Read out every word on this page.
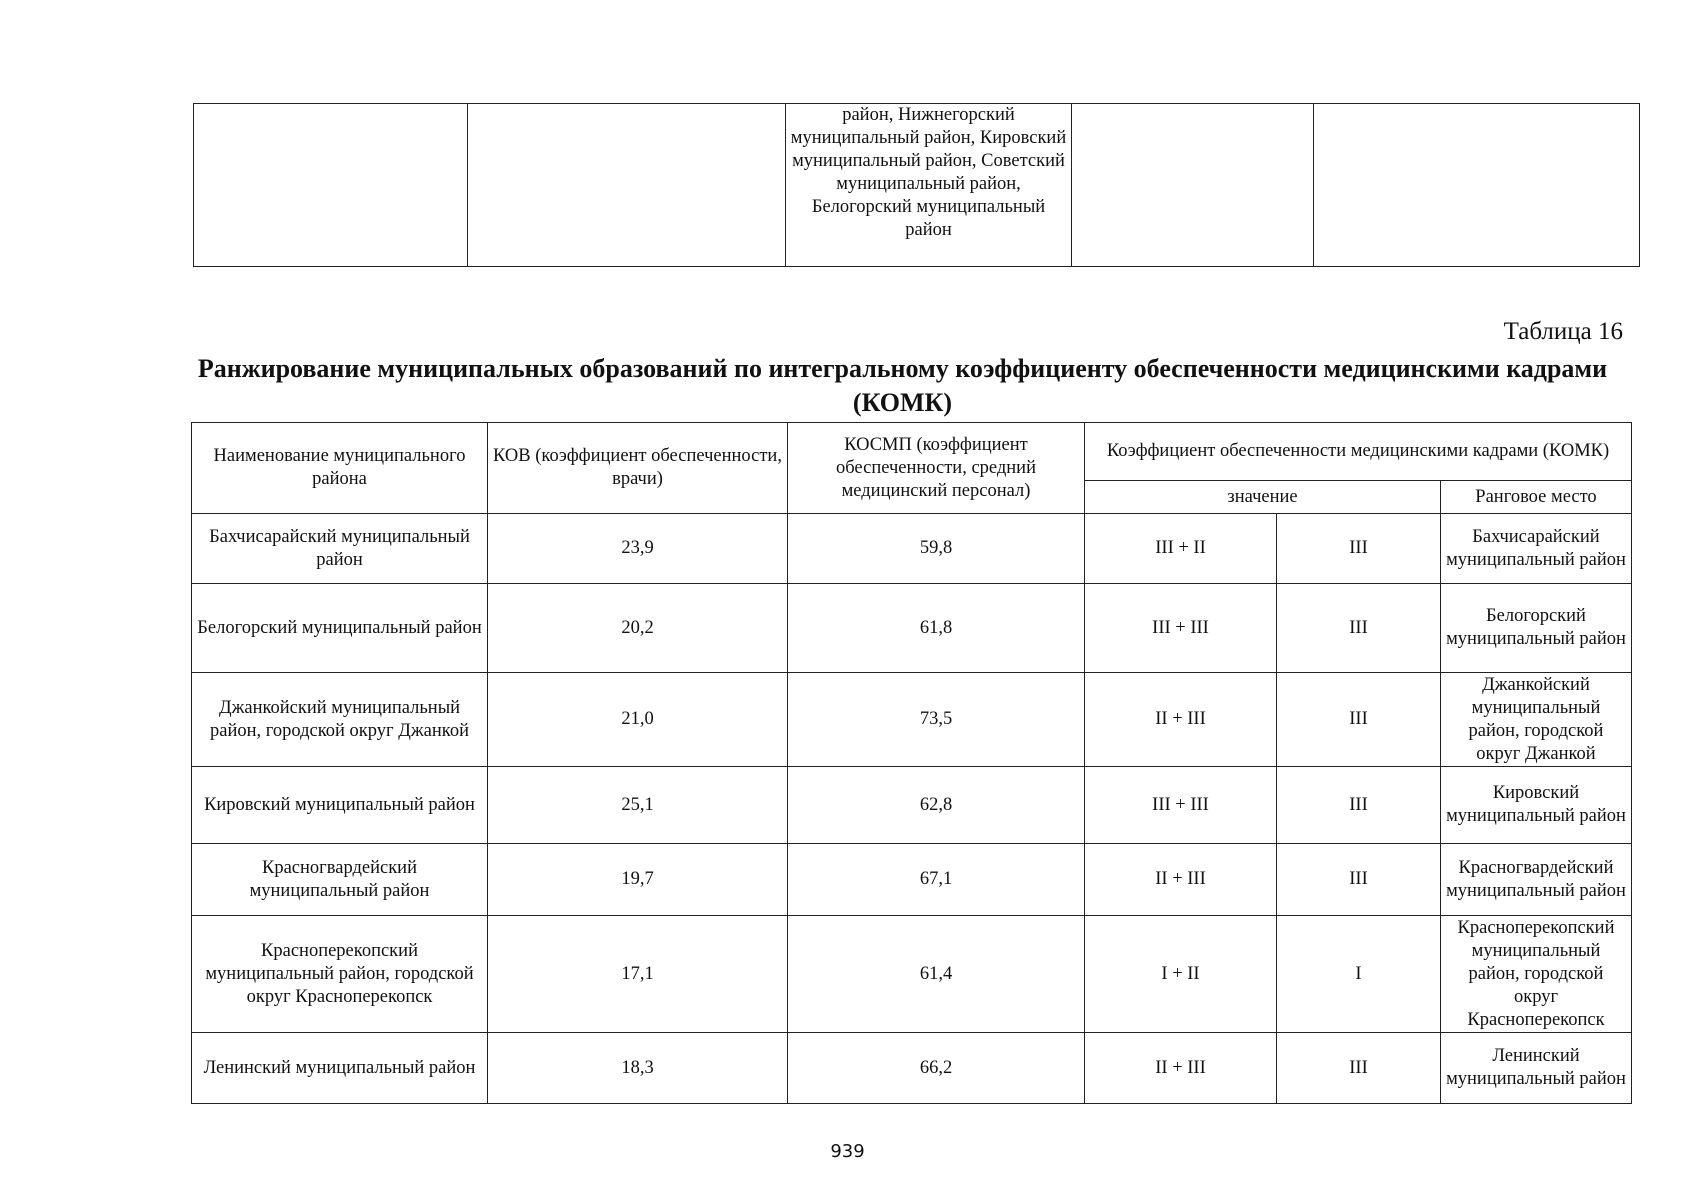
		район, Нижнегорский муниципальный район, Кировский муниципальный район, Советский муниципальный район, Белогорский муниципальный район		
Таблица 16
Ранжирование муниципальных образований по интегральному коэффициенту обеспеченности медицинскими кадрами (КОМК)
Наименование муниципального района	КОВ (коэффициент обеспеченности, врачи)	КОСМП (коэффициент обеспеченности, средний медицинский персонал)	Коэффициент обеспеченности медицинскими кадрами (КОМК)		
			значение		Ранговое место
Бахчисарайский муниципальный район	23,9	59,8	III + II	III	Бахчисарайский муниципальный район
Белогорский муниципальный район	20,2	61,8	III + III	III	Белогорский муниципальный район
Джанкойский муниципальный район, городской округ Джанкой	21,0	73,5	II + III	III	Джанкойский муниципальный район, городской округ Джанкой
Кировский муниципальный район	25,1	62,8	III + III	III	Кировский муниципальный район
Красногвардейский муниципальный район	19,7	67,1	II + III	III	Красногвардейский муниципальный район
Красноперекопский муниципальный район, городской округ Красноперекопск	17,1	61,4	I + II	I	Красноперекопский муниципальный район, городской округ Красноперекопск
Ленинский муниципальный район	18,3	66,2	II + III	III	Ленинский муниципальный район
939
